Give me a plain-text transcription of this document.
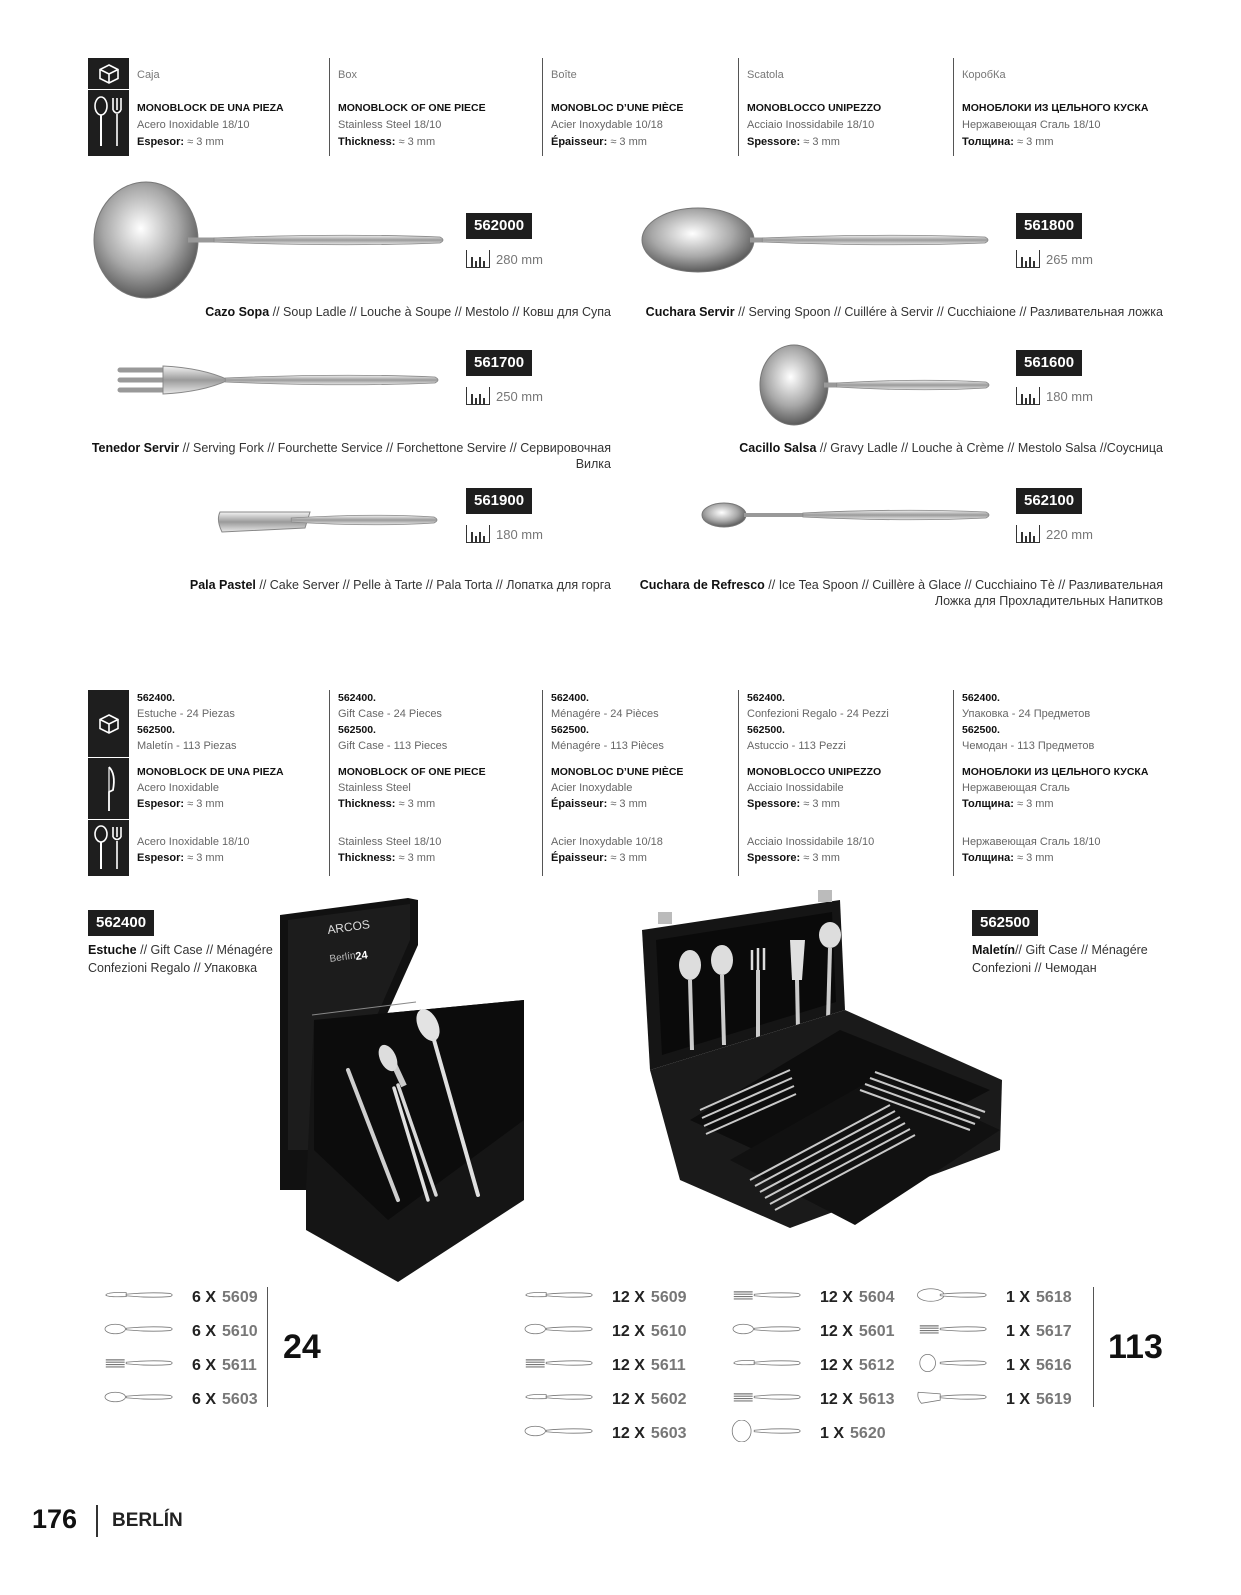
Caja
MONOBLOCK DE UNA PIEZA
Acero Inoxidable 18/10
Espesor: ≈ 3 mm
Box
MONOBLOCK OF ONE PIECE
Stainless Steel 18/10
Thickness: ≈ 3 mm
Boîte
MONOBLOC D’UNE PIÈCE
Acier Inoxydable 10/18
Épaisseur: ≈ 3 mm
Scatola
MONOBLOCCO UNIPEZZO
Acciaio Inossidabile 18/10
Spessore: ≈ 3 mm
КоробКа
МОНОБЛОКИ ИЗ ЦЕЛЬНОГО КУСКА
Нержавеющая Сгаль 18/10
Толщина: ≈ 3 mm
562000
280 mm
Cazo Sopa // Soup Ladle // Louche à Soupe // Mestolo // Ковш для Супа
561800
265 mm
Cuchara Servir // Serving Spoon // Cuillére à Servir // Cucchiaione // Разливательная ложка
561700
250 mm
Tenedor Servir // Serving Fork // Fourchette Service // Forchettone Servire // Сервировочная Вилка
561600
180 mm
Cacillo Salsa // Gravy Ladle // Louche à Crème // Mestolo Salsa //Соусница
561900
180 mm
Pala Pastel // Cake Server // Pelle à Tarte // Pala Torta // Лопатка для горга
562100
220 mm
Cuchara de Refresco // Ice Tea Spoon // Cuillère à Glace // Cucchiaino Tè // Разливательная Ложка для Прохладительных Напитков
562400.
Estuche - 24 Piezas
562500.
Maletín - 113 Piezas
MONOBLOCK DE UNA PIEZA
Acero Inoxidable
Espesor: ≈ 3 mm
Acero Inoxidable 18/10
Espesor: ≈ 3 mm
562400.
Gift Case - 24 Pieces
562500.
Gift Case - 113 Pieces
MONOBLOCK OF ONE PIECE
Stainless Steel
Thickness: ≈ 3 mm
Stainless Steel 18/10
Thickness: ≈ 3 mm
562400.
Ménagére - 24 Pièces
562500.
Ménagére - 113 Pièces
MONOBLOC D’UNE PIÈCE
Acier Inoxydable
Épaisseur: ≈ 3 mm
Acier Inoxydable 10/18
Épaisseur: ≈ 3 mm
562400.
Confezioni Regalo - 24 Pezzi
562500.
Astuccio - 113 Pezzi
MONOBLOCCO UNIPEZZO
Acciaio Inossidabile
Spessore: ≈ 3 mm
Acciaio Inossidabile 18/10
Spessore: ≈ 3 mm
562400.
Упаковка - 24 Предметов
562500.
Чемодан - 113 Предметов
МОНОБЛОКИ ИЗ ЦЕЛЬНОГО КУСКА
Нержавеющая Сгаль
Толщина: ≈ 3 mm
Нержавеющая Сгаль 18/10
Толщина: ≈ 3 mm
562400
Estuche // Gift Case // Ménagére
Confezioni Regalo // Упаковка
ARCOS
Berlín
24
562500
Maletín// Gift Case // Ménagére
Confezioni // Чемодан
6 X 5609
6 X 5610
6 X 5611
6 X 5603
12 X 5609
12 X 5610
12 X 5611
12 X 5602
12 X 5603
12 X 5604
12 X 5601
12 X 5612
12 X 5613
1 X 5620
1 X 5618
1 X 5617
1 X 5616
1 X 5619
24	113
176 BERLÍN
